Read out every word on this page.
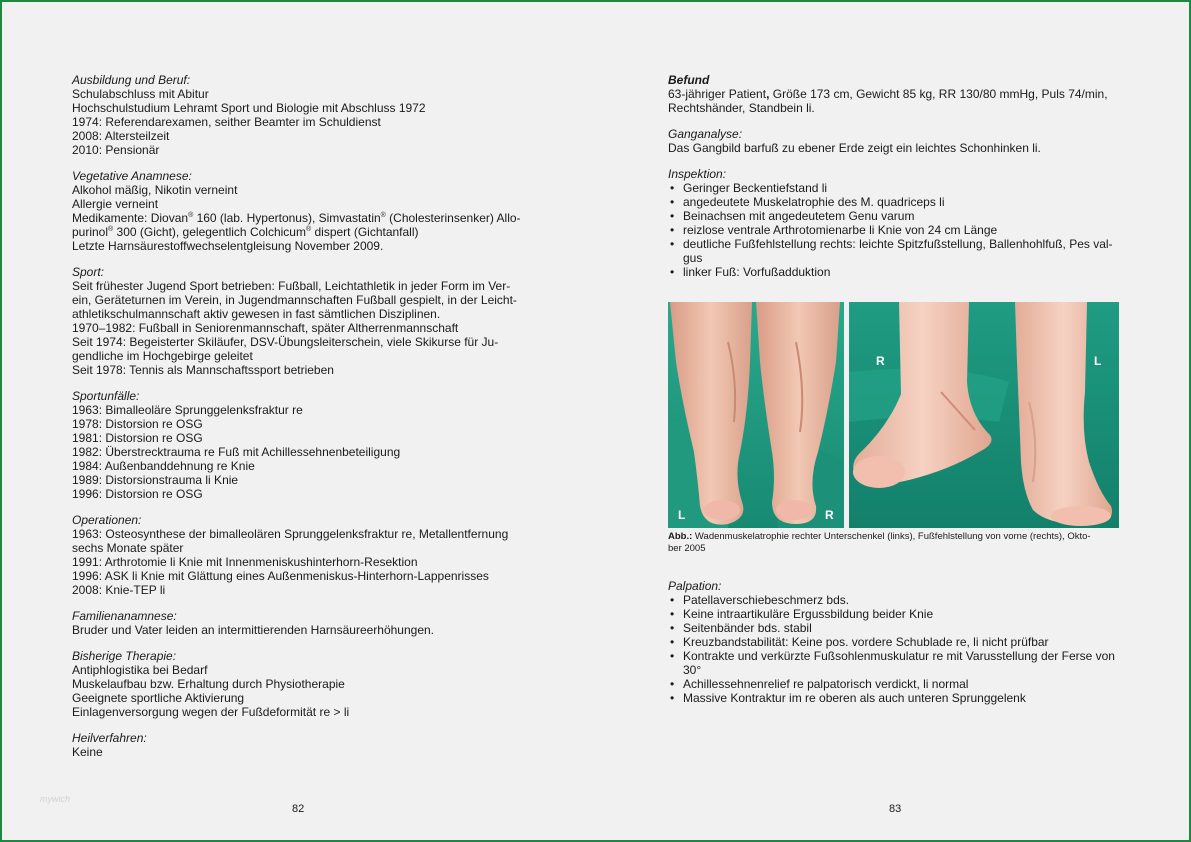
Ausbildung und Beruf:
Schulabschluss mit Abitur
Hochschulstudium Lehramt Sport und Biologie mit Abschluss 1972
1974: Referendarexamen, seither Beamter im Schuldienst
2008: Altersteilzeit
2010: Pensionär
Vegetative Anamnese:
Alkohol mäßig, Nikotin verneint
Allergie verneint
Medikamente: Diovan® 160 (lab. Hypertonus), Simvastatin® (Cholesterinsenker) Allo-
purinol® 300 (Gicht), gelegentlich Colchicum® dispert (Gichtanfall)
Letzte Harnsäurestoffwechselentgleisung November 2009.
Sport:
Seit frühester Jugend Sport betrieben: Fußball, Leichtathletik in jeder Form im Ver-
ein, Geräteturnen im Verein, in Jugendmannschaften Fußball gespielt, in der Leicht-
athletikschulmannschaft aktiv gewesen in fast sämtlichen Disziplinen.
1970–1982: Fußball in Seniorenmannschaft, später Altherrenmannschaft
Seit 1974: Begeisterter Skiläufer, DSV-Übungsleiterschein, viele Skikurse für Ju-
gendliche im Hochgebirge geleitet
Seit 1978: Tennis als Mannschaftssport betrieben
Sportunfälle:
1963: Bimalleoläre Sprunggelenksfraktur re
1978: Distorsion re OSG
1981: Distorsion re OSG
1982: Überstrecktrauma re Fuß mit Achillessehnenbeteiligung
1984: Außenbanddehnung re Knie
1989: Distorsionstrauma li Knie
1996: Distorsion re OSG
Operationen:
1963: Osteosynthese der bimalleolären Sprunggelenksfraktur re, Metallentfernung
sechs Monate später
1991: Arthrotomie li Knie mit Innenmeniskushinterhorn-Resektion
1996: ASK li Knie mit Glättung eines Außenmeniskus-Hinterhorn-Lappenrisses
2008: Knie-TEP li
Familienanamnese:
Bruder und Vater leiden an intermittierenden Harnsäureerhöhungen.
Bisherige Therapie:
Antiphlogistika bei Bedarf
Muskelaufbau bzw. Erhaltung durch Physiotherapie
Geeignete sportliche Aktivierung
Einlagenversorgung wegen der Fußdeformität re > li
Heilverfahren:
Keine
82
mywich
Befund
63-jähriger Patient, Größe 173 cm, Gewicht 85 kg, RR 130/80 mmHg, Puls 74/min,
Rechtshänder, Standbein li.
Ganganalyse:
Das Gangbild barfuß zu ebener Erde zeigt ein leichtes Schonhinken li.
Inspektion:
• Geringer Beckentiefstand li
• angedeutete Muskelatrophie des M. quadriceps li
• Beinachsen mit angedeutetem Genu varum
• reizlose ventrale Arthrotomienarbe li Knie von 24 cm Länge
• deutliche Fußfehlstellung rechts: leichte Spitzfußstellung, Ballenhohlfuß, Pes val-
gus
• linker Fuß: Vorfußadduktion
Palpation:
• Patellaverschiebeschmerz bds.
• Keine intraartikuläre Ergussbildung beider Knie
• Seitenbänder bds. stabil
• Kreuzbandstabilität: Keine pos. vordere Schublade re, li nicht prüfbar
• Kontrakte und verkürzte Fußsohlenmuskulatur re mit Varusstellung der Ferse von
30°
• Achillessehnenrelief re palpatorisch verdickt, li normal
• Massive Kontraktur im re oberen als auch unteren Sprunggelenk
L	R
R	L
Abb.: Wadenmuskelatrophie rechter Unterschenkel (links), Fußfehlstellung von vorne (rechts), Okto-
ber 2005
83
